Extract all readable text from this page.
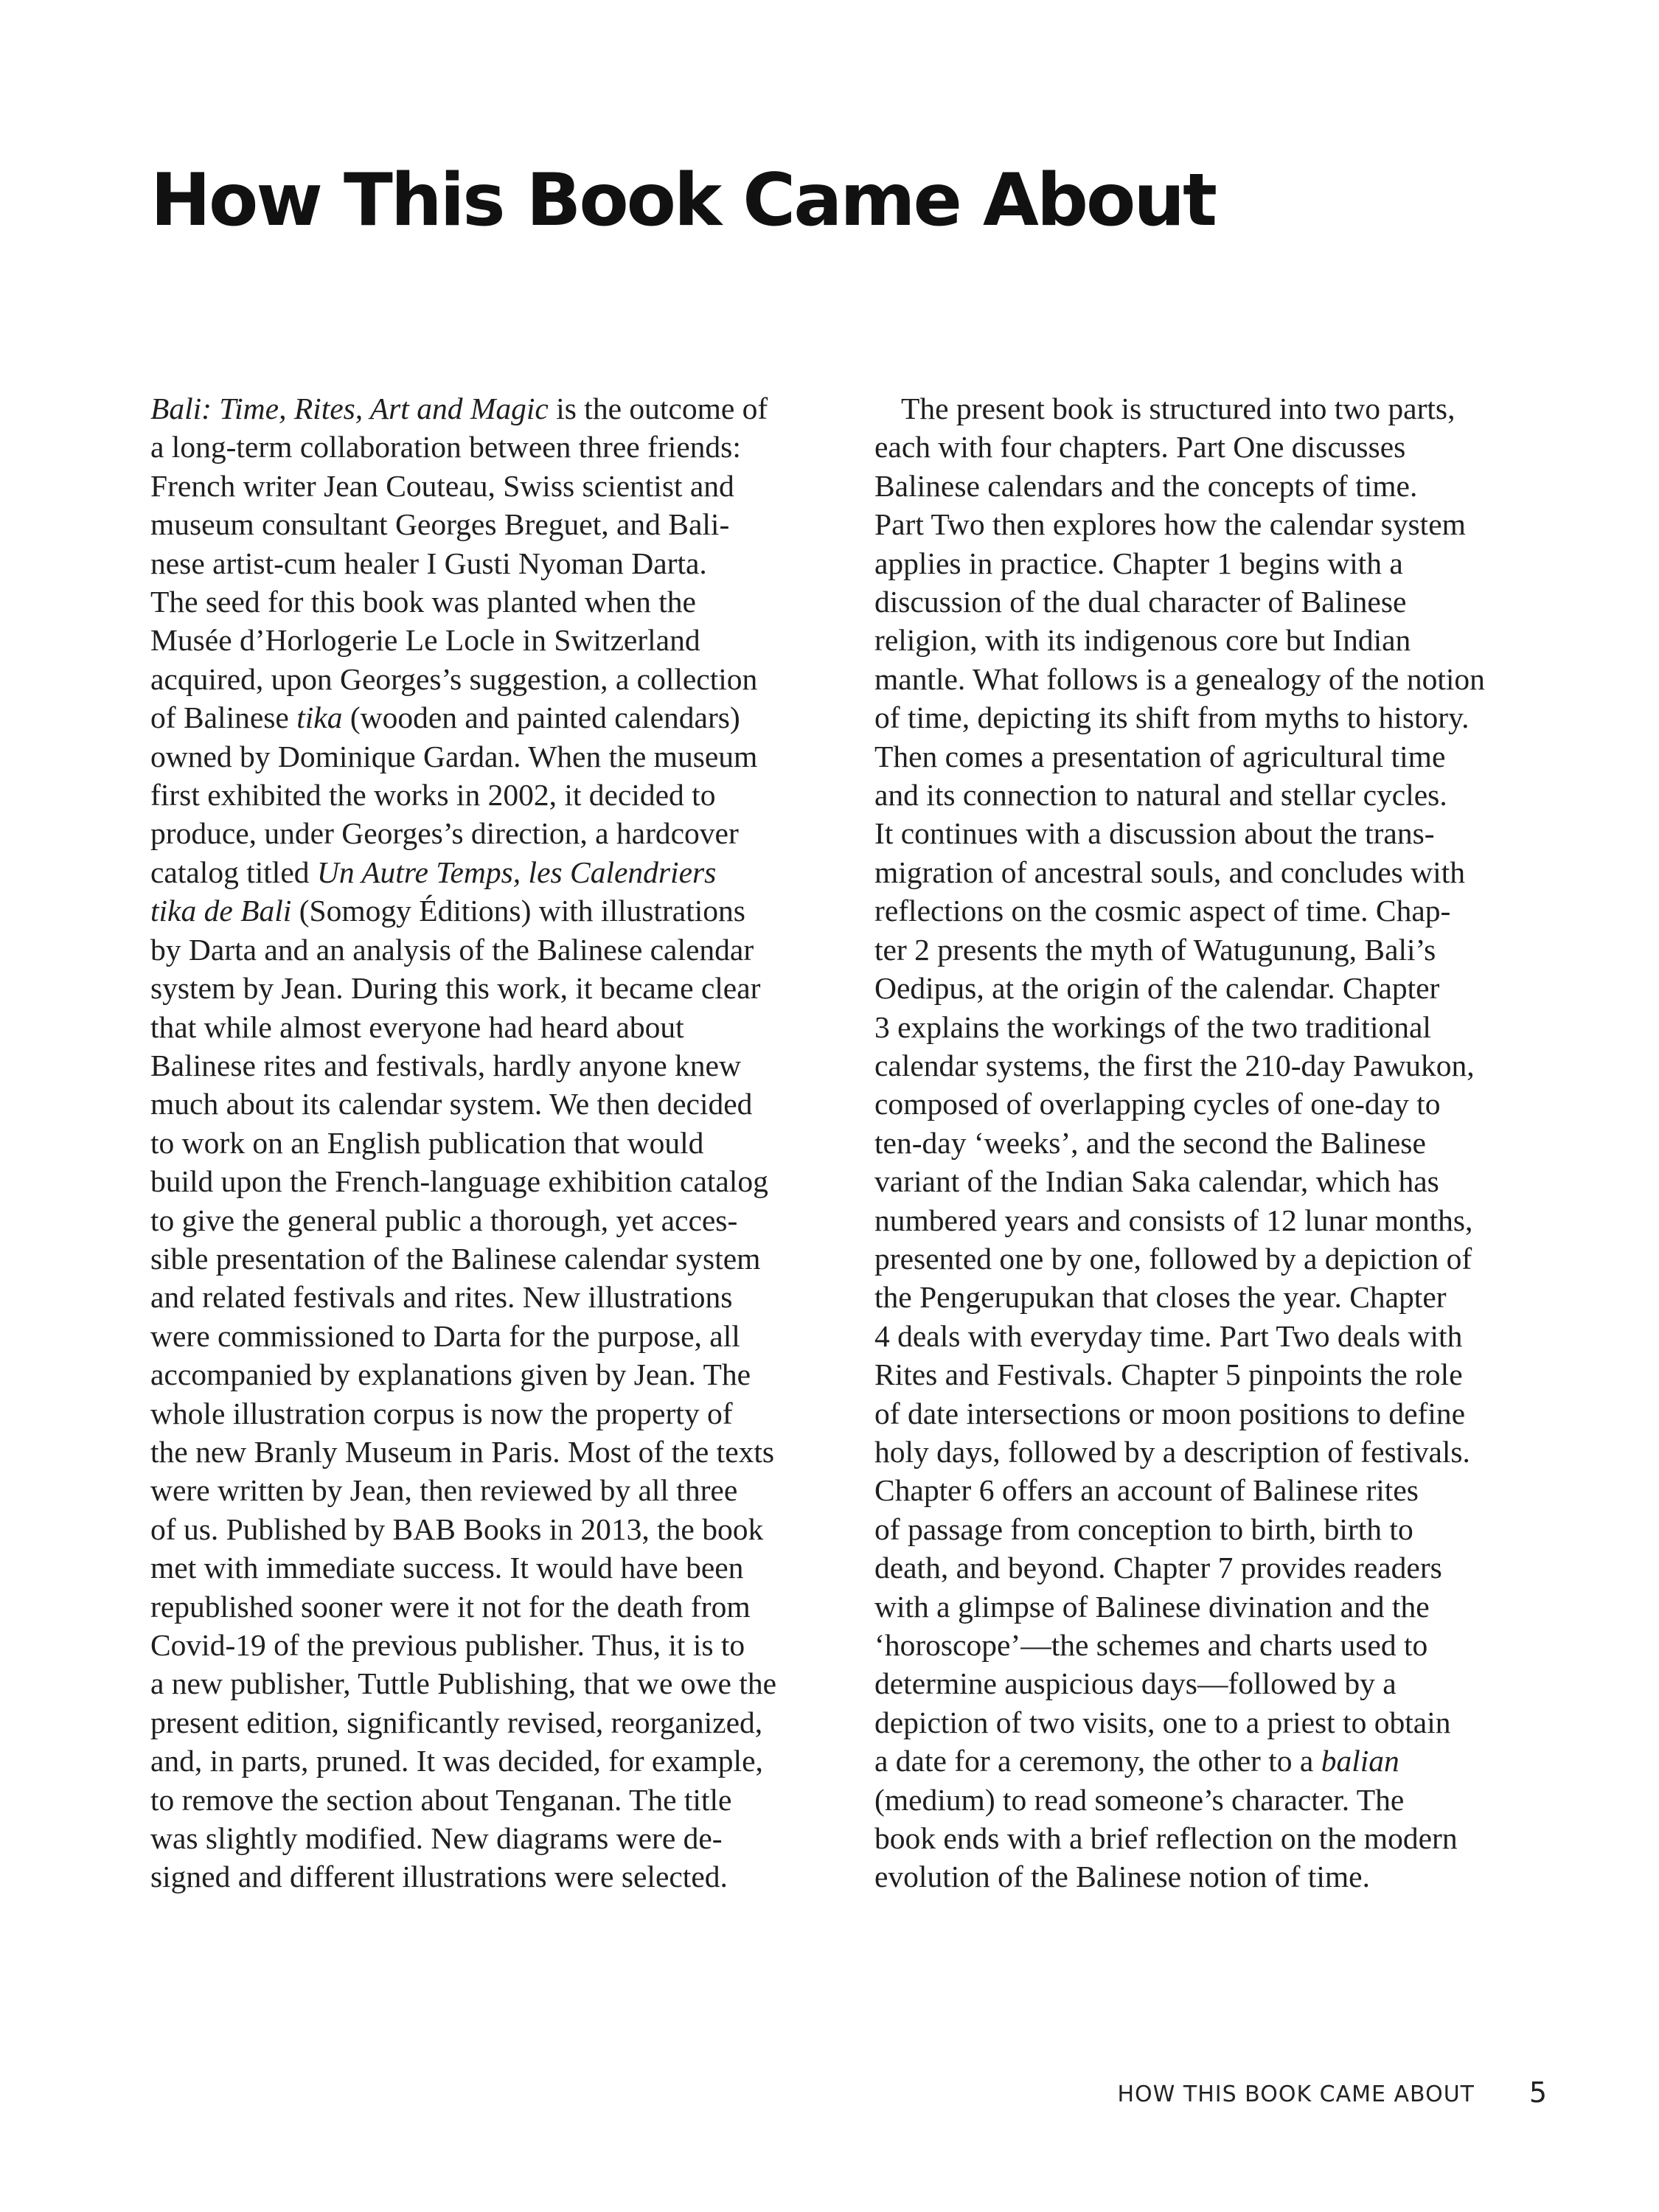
How This Book Came About
Bali: Time, Rites, Art and Magic is the outcome of
a long-term collaboration between three friends:
French writer Jean Couteau, Swiss scientist and
museum consultant Georges Breguet, and Bali-
nese artist-cum healer I Gusti Nyoman Darta.
The seed for this book was planted when the
Musée d’Horlogerie Le Locle in Switzerland
acquired, upon Georges’s suggestion, a collection
of Balinese tika (wooden and painted calendars)
owned by Dominique Gardan. When the museum
first exhibited the works in 2002, it decided to
produce, under Georges’s direction, a hardcover
catalog titled Un Autre Temps, les Calendriers
tika de Bali (Somogy Éditions) with illustrations
by Darta and an analysis of the Balinese calendar
system by Jean. During this work, it became clear
that while almost everyone had heard about
Balinese rites and festivals, hardly anyone knew
much about its calendar system. We then decided
to work on an English publication that would
build upon the French-language exhibition catalog
to give the general public a thorough, yet acces-
sible presentation of the Balinese calendar system
and related festivals and rites. New illustrations
were commissioned to Darta for the purpose, all
accompanied by explanations given by Jean. The
whole illustration corpus is now the property of
the new Branly Museum in Paris. Most of the texts
were written by Jean, then reviewed by all three
of us. Published by BAB Books in 2013, the book
met with immediate success. It would have been
republished sooner were it not for the death from
Covid-19 of the previous publisher. Thus, it is to
a new publisher, Tuttle Publishing, that we owe the
present edition, significantly revised, reorganized,
and, in parts, pruned. It was decided, for example,
to remove the section about Tenganan. The title
was slightly modified. New diagrams were de-
signed and different illustrations were selected.
The present book is structured into two parts,
each with four chapters. Part One discusses
Balinese calendars and the concepts of time.
Part Two then explores how the calendar system
applies in practice. Chapter 1 begins with a
discussion of the dual character of Balinese
religion, with its indigenous core but Indian
mantle. What follows is a genealogy of the notion
of time, depicting its shift from myths to history.
Then comes a presentation of agricultural time
and its connection to natural and stellar cycles.
It continues with a discussion about the trans-
migration of ancestral souls, and concludes with
reflections on the cosmic aspect of time. Chap-
ter 2 presents the myth of Watugunung, Bali’s
Oedipus, at the origin of the calendar. Chapter
3 explains the workings of the two traditional
calendar systems, the first the 210-day Pawukon,
composed of overlapping cycles of one-day to
ten-day ‘weeks’, and the second the Balinese
variant of the Indian Saka calendar, which has
numbered years and consists of 12 lunar months,
presented one by one, followed by a depiction of
the Pengerupukan that closes the year. Chapter
4 deals with everyday time. Part Two deals with
Rites and Festivals. Chapter 5 pinpoints the role
of date intersections or moon positions to define
holy days, followed by a description of festivals.
Chapter 6 offers an account of Balinese rites
of passage from conception to birth, birth to
death, and beyond. Chapter 7 provides readers
with a glimpse of Balinese divination and the
‘horoscope’—the schemes and charts used to
determine auspicious days—followed by a
depiction of two visits, one to a priest to obtain
a date for a ceremony, the other to a balian
(medium) to read someone’s character. The
book ends with a brief reflection on the modern
evolution of the Balinese notion of time.
HOW THIS BOOK CAME ABOUT 5
